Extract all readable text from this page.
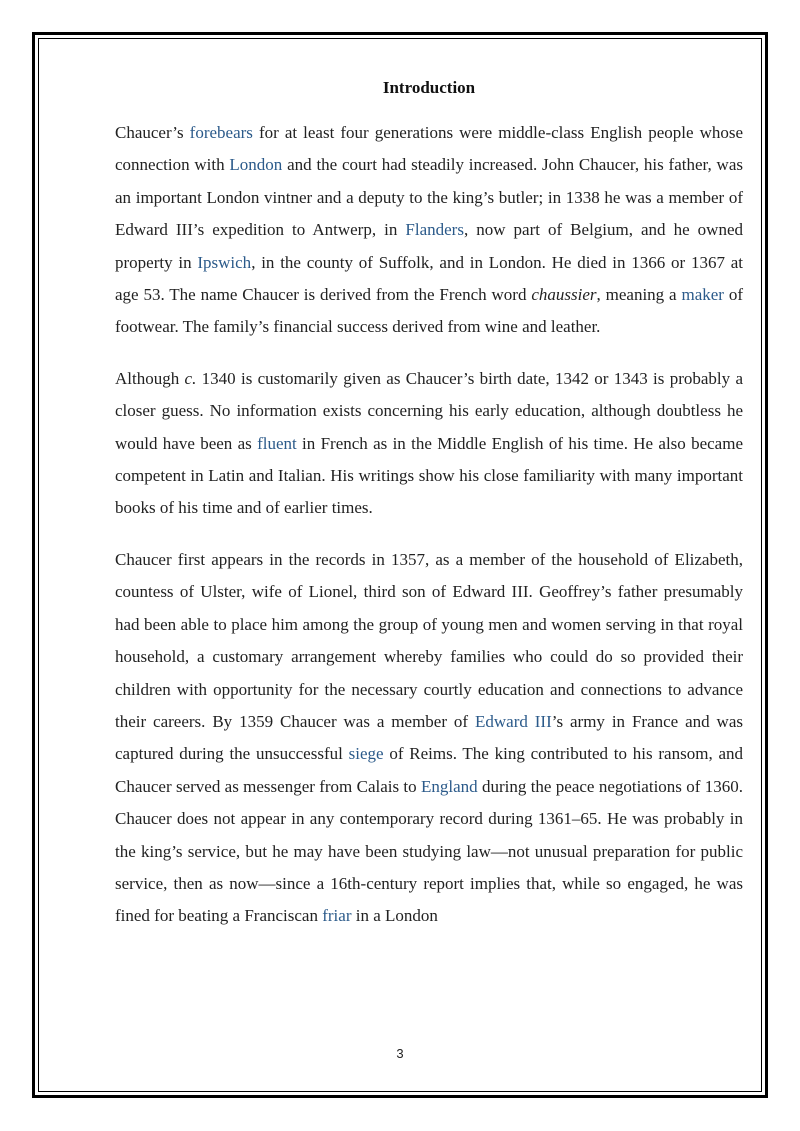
Introduction

Chaucer’s forebears for at least four generations were middle-class English people whose connection with London and the court had steadily increased. John Chaucer, his father, was an important London vintner and a deputy to the king’s butler; in 1338 he was a member of Edward III’s expedition to Antwerp, in Flanders, now part of Belgium, and he owned property in Ipswich, in the county of Suffolk, and in London. He died in 1366 or 1367 at age 53. The name Chaucer is derived from the French word chaussier, meaning a maker of footwear. The family’s financial success derived from wine and leather.

Although c. 1340 is customarily given as Chaucer’s birth date, 1342 or 1343 is probably a closer guess. No information exists concerning his early education, although doubtless he would have been as fluent in French as in the Middle English of his time. He also became competent in Latin and Italian. His writings show his close familiarity with many important books of his time and of earlier times.

Chaucer first appears in the records in 1357, as a member of the household of Elizabeth, countess of Ulster, wife of Lionel, third son of Edward III. Geoffrey’s father presumably had been able to place him among the group of young men and women serving in that royal household, a customary arrangement whereby families who could do so provided their children with opportunity for the necessary courtly education and connections to advance their careers. By 1359 Chaucer was a member of Edward III’s army in France and was captured during the unsuccessful siege of Reims. The king contributed to his ransom, and Chaucer served as messenger from Calais to England during the peace negotiations of 1360. Chaucer does not appear in any contemporary record during 1361–65. He was probably in the king’s service, but he may have been studying law—not unusual preparation for public service, then as now—since a 16th-century report implies that, while so engaged, he was fined for beating a Franciscan friar in a London

3
